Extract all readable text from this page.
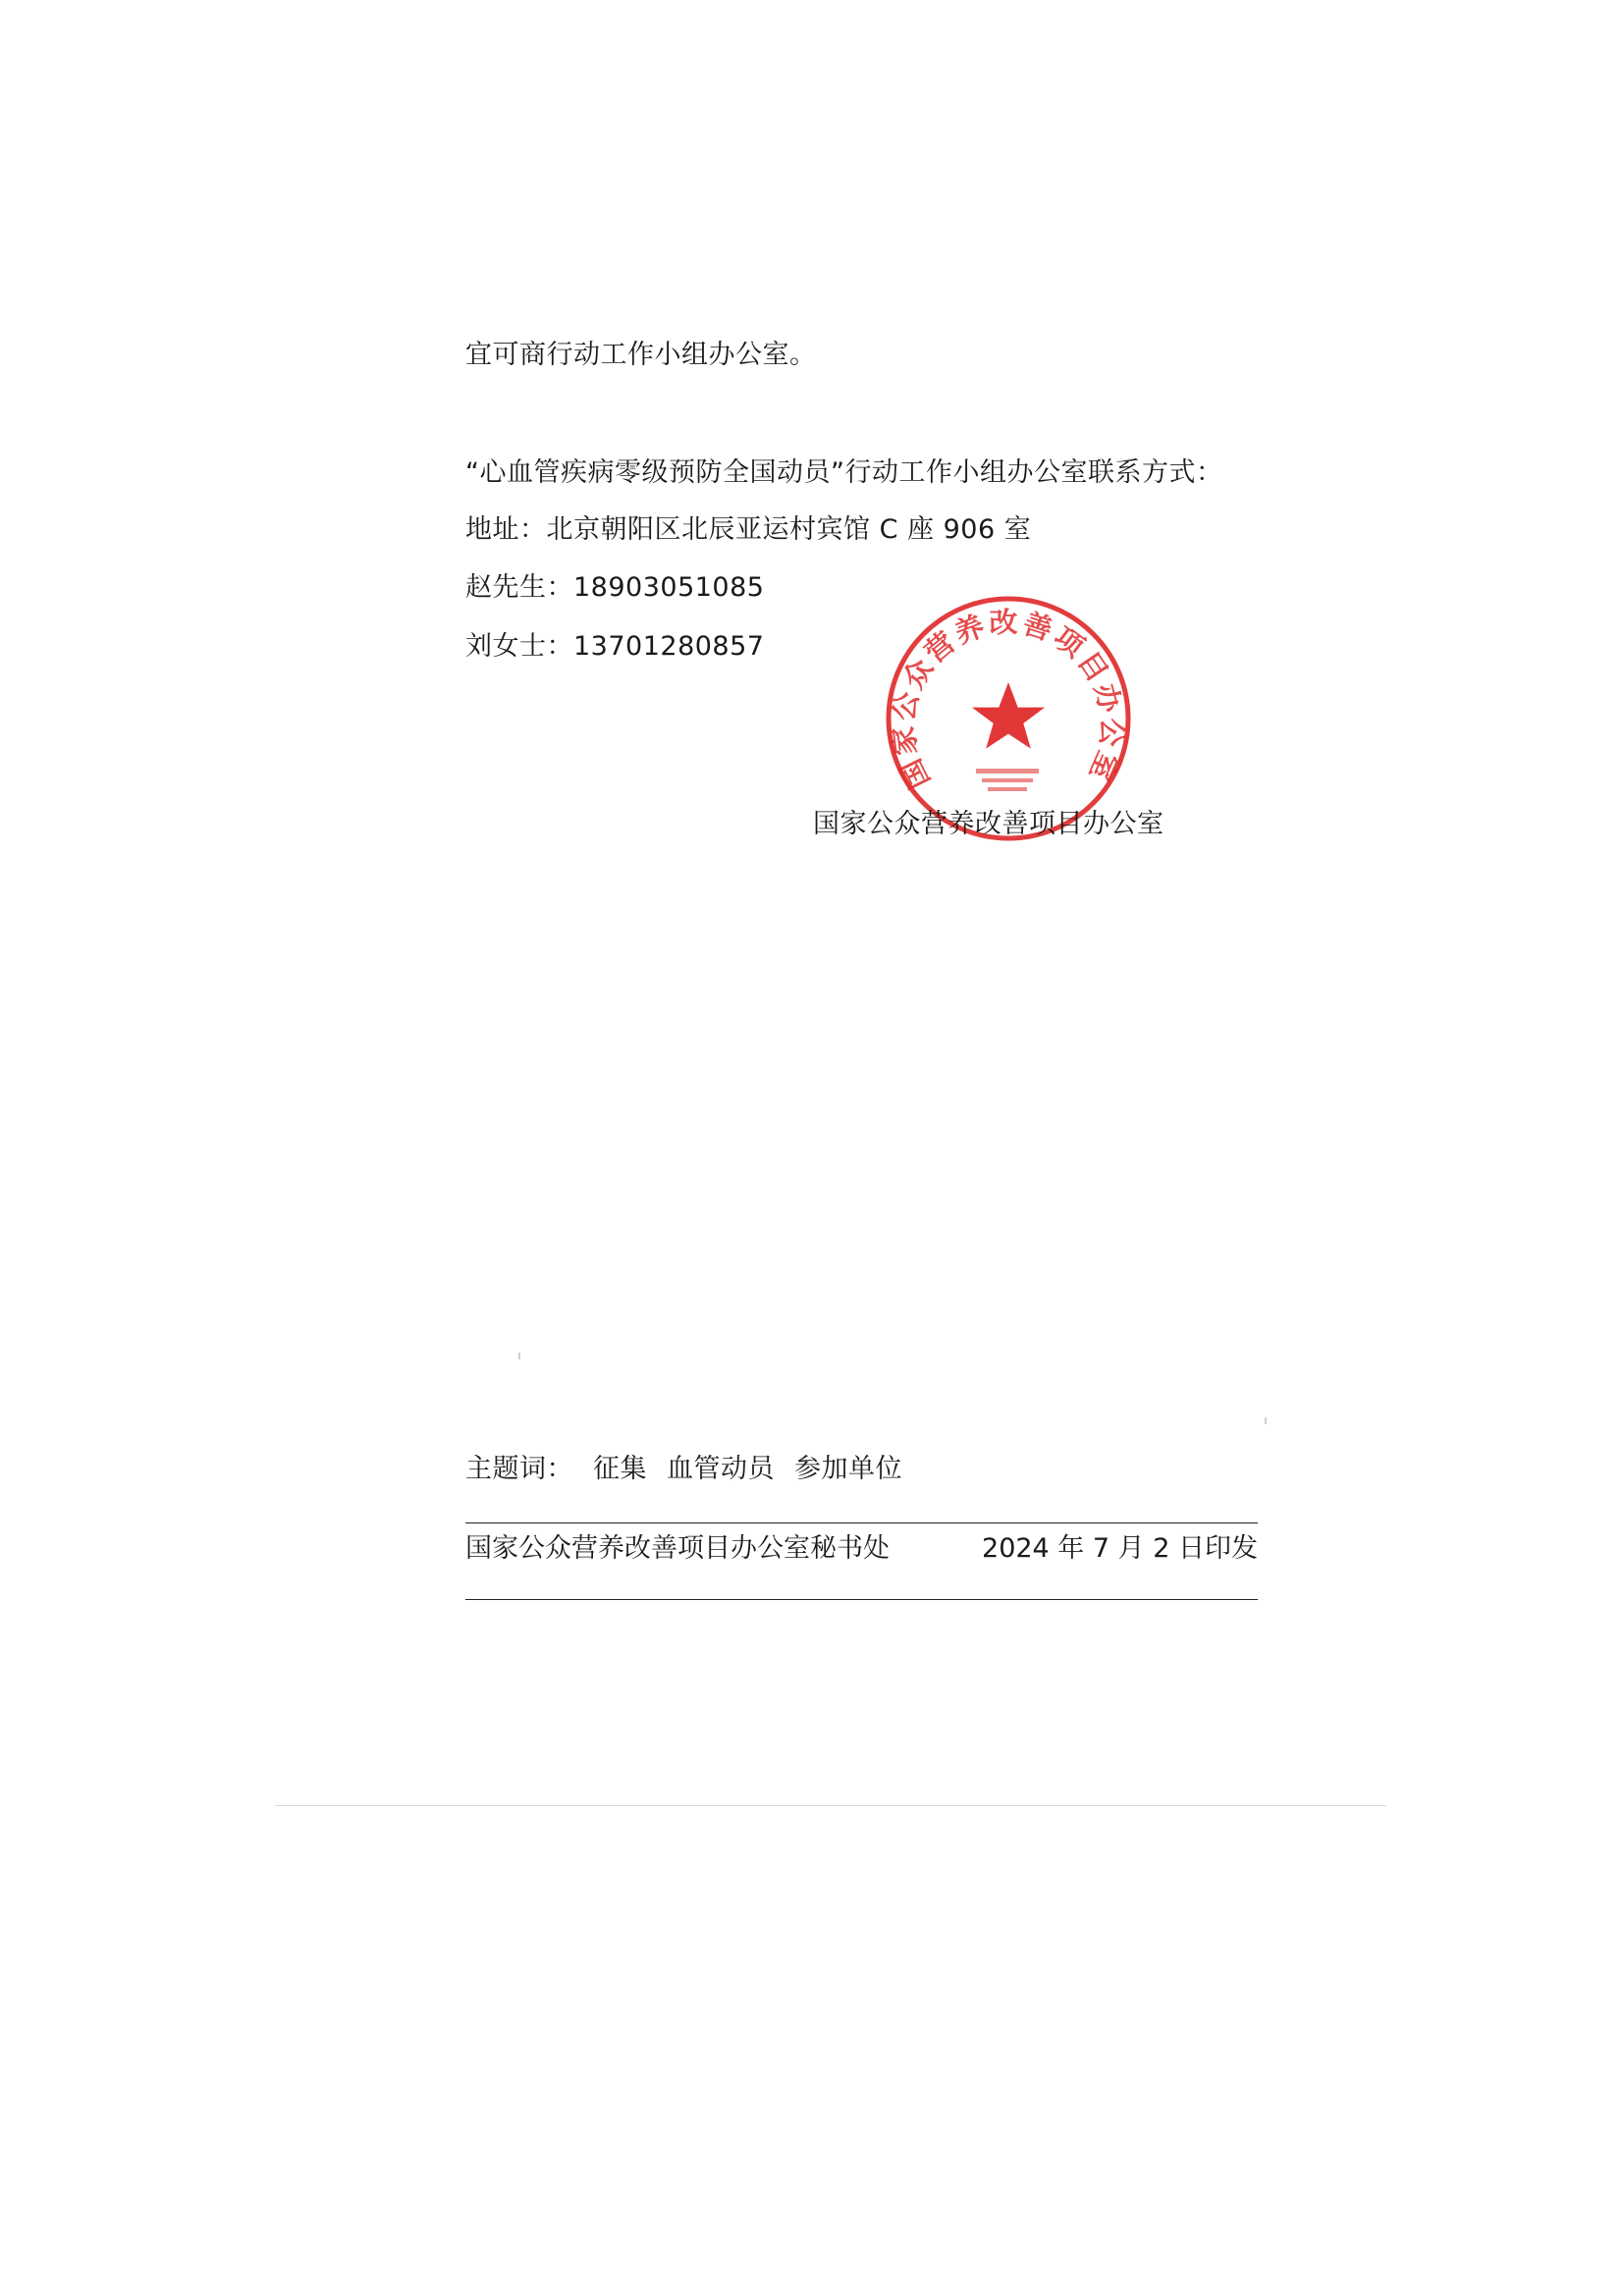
宜可商行动工作小组办公室。
“心血管疾病零级预防全国动员”行动工作小组办公室联系方式：
地址：北京朝阳区北辰亚运村宾馆 C 座 906 室
赵先生：18903051085
刘女士：13701280857
国家公众营养改善项目办公室
国家公众营养改善项目办公室
主题词： 征集 血管动员 参加单位
国家公众营养改善项目办公室秘书处	2024 年 7 月 2 日印发
